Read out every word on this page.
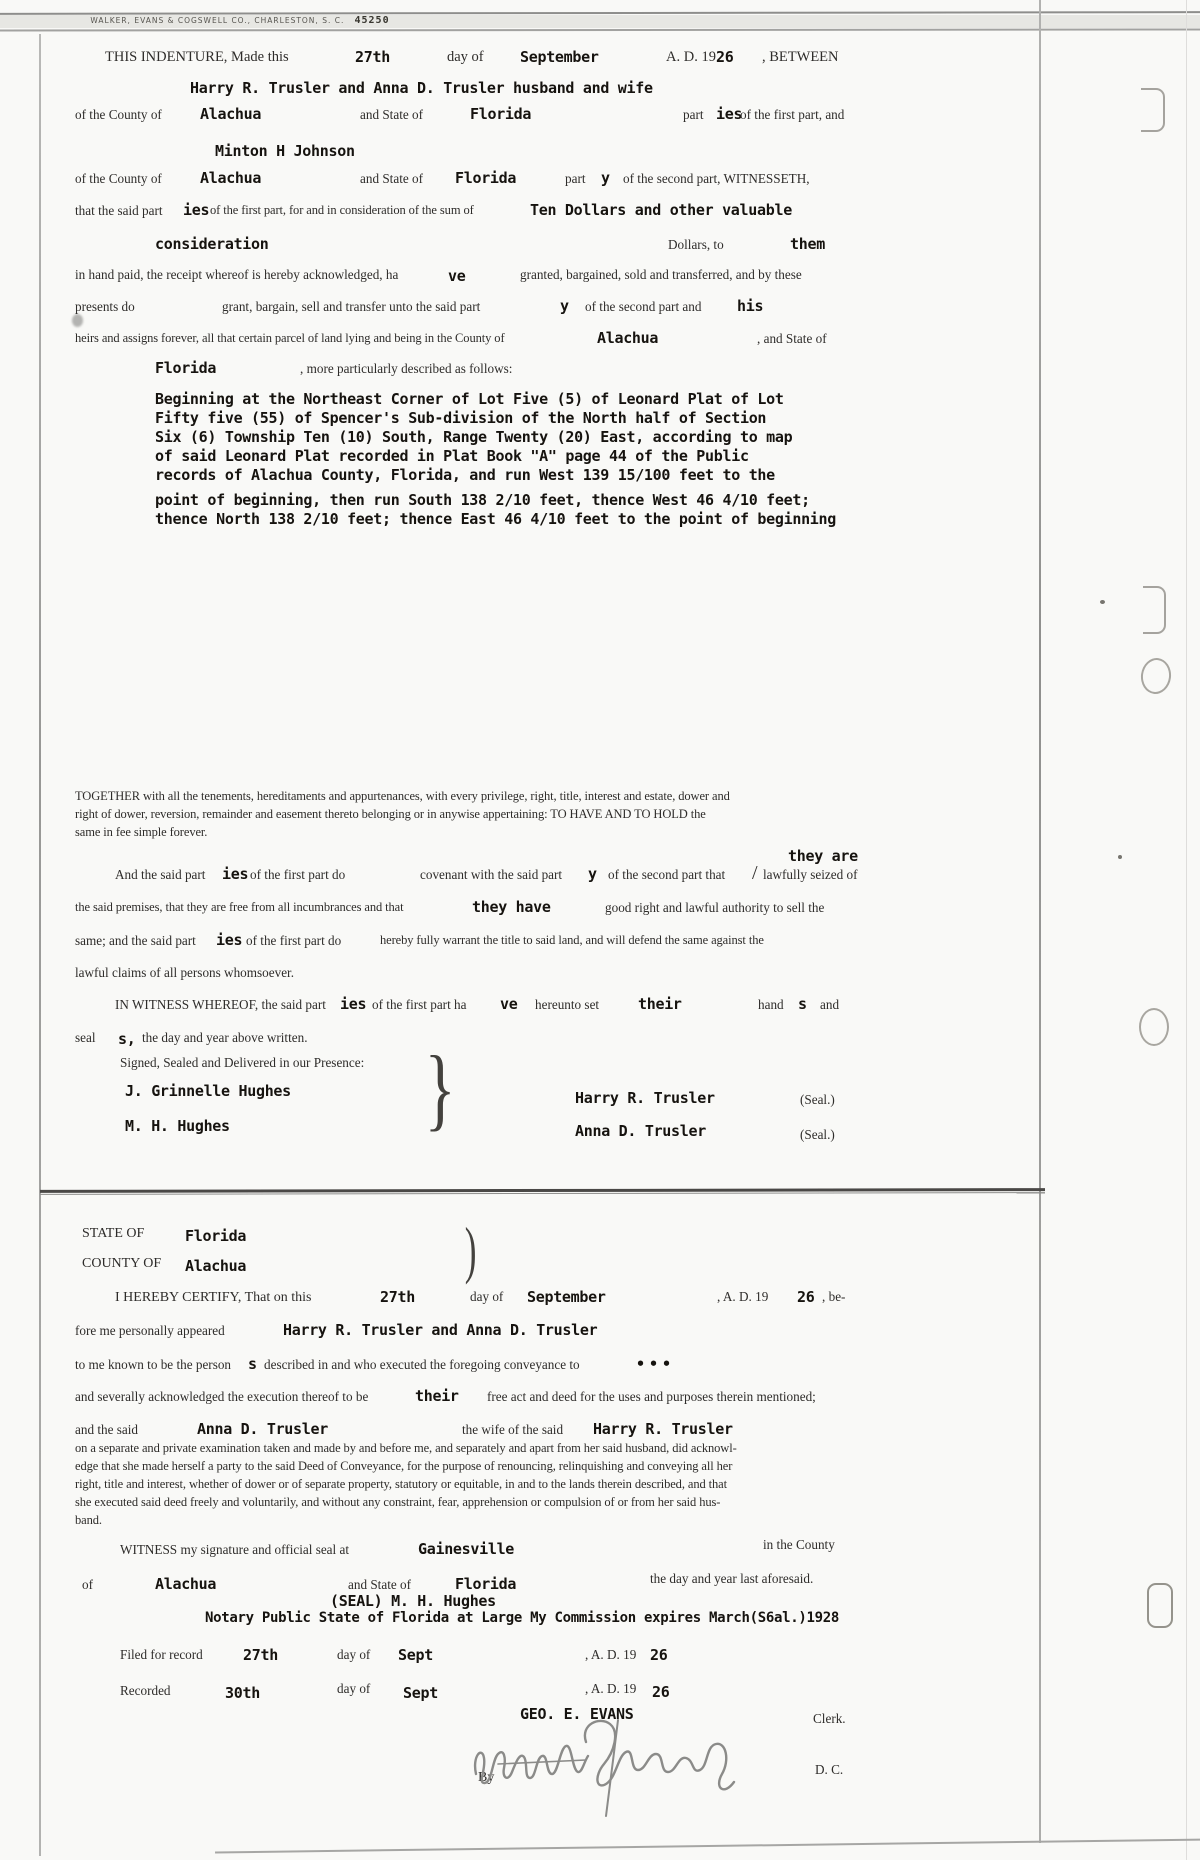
WALKER, EVANS & COGSWELL CO., CHARLESTON, S. C. 45250
THIS INDENTURE, Made this	27th	day of September	A. D. 19 26 , BETWEEN
Harry R. Trusler and Anna D. Trusler husband and wife
of the County of	Alachua	and State of	Florida	part ies
of the first part, and
Minton H Johnson
of the County of	Alachua	and State of Florida	part y of the second part, WITNESSETH,
that the said part ies of the first part, for and in consideration of the sum of	Ten Dollars and other valuable
consideration	Dollars, to	them
in hand paid, the receipt whereof is hereby acknowledged, ha	ve	granted, bargained, sold and transferred, and by these
presents do	grant, bargain, sell and transfer unto the said part	y of the second part and his
heirs and assigns forever, all that certain parcel of land lying and being in the County of	Alachua	, and State of
Florida	, more particularly described as follows:
Beginning at the Northeast Corner of Lot Five (5) of Leonard Plat of Lot
Fifty five (55) of Spencer's Sub-division of the North half of Section
Six (6) Township Ten (10) South, Range Twenty (20) East, according to map
of said Leonard Plat recorded in Plat Book "A" page 44 of the Public
records of Alachua County, Florida, and run West 139 15/100 feet to the
point of beginning, then run South 138 2/10 feet, thence West 46 4/10 feet;
thence North 138 2/10 feet; thence East 46 4/10 feet to the point of beginning
TOGETHER with all the tenements, hereditaments and appurtenances, with every privilege, right, title, interest and estate, dower and
right of dower, reversion, remainder and easement thereto belonging or in anywise appertaining: TO HAVE AND TO HOLD the
same in fee simple forever.
they are
And the said part ies of the first part do	covenant with the said part y of the second part that / lawfully seized of
the said premises, that they are free from all incumbrances and that	they have	good right and lawful authority to sell the
same; and the said part ies of the first part do	hereby fully warrant the title to said land, and will defend the same against the
lawful claims of all persons whomsoever.
IN WITNESS WHEREOF, the said part ies of the first part ha ve hereunto set	their	hand s and
seal s, the day and year above written.
Signed, Sealed and Delivered in our Presence:
J. Grinnelle Hughes
M. H. Hughes }	Harry R. Trusler	(Seal.)
Anna D. Trusler	(Seal.)
STATE OF	Florida
COUNTY OF Alachua	)
I HEREBY CERTIFY, That on this	27th	day of September	, A. D. 19 26 , be-
fore me personally appeared	Harry R. Trusler and Anna D. Trusler
to me known to be the person s described in and who executed the foregoing conveyance to	•••
and severally acknowledged the execution thereof to be	their free act and deed for the uses and purposes therein mentioned;
and the said	Anna D. Trusler	the wife of the said Harry R. Trusler
on a separate and private examination taken and made by and before me, and separately and apart from her said husband, did acknowl-
edge that she made herself a party to the said Deed of Conveyance, for the purpose of renouncing, relinquishing and conveying all her
right, title and interest, whether of dower or of separate property, statutory or equitable, in and to the lands therein described, and that
she executed said deed freely and voluntarily, and without any constraint, fear, apprehension or compulsion of or from her said hus-
band.
WITNESS my signature and official seal at	Gainesville	in the County
of	Alachua	and State of	Florida	the day and year last aforesaid.
(SEAL) M. H. Hughes
Notary Public State of Florida at Large My Commission expires March(S6al.)1928
Filed for record	27th	day of Sept	, A. D. 19 26
Recorded	30th	day of Sept	, A. D. 19 26
GEO. E. EVANS	Clerk.
By
D. C.
